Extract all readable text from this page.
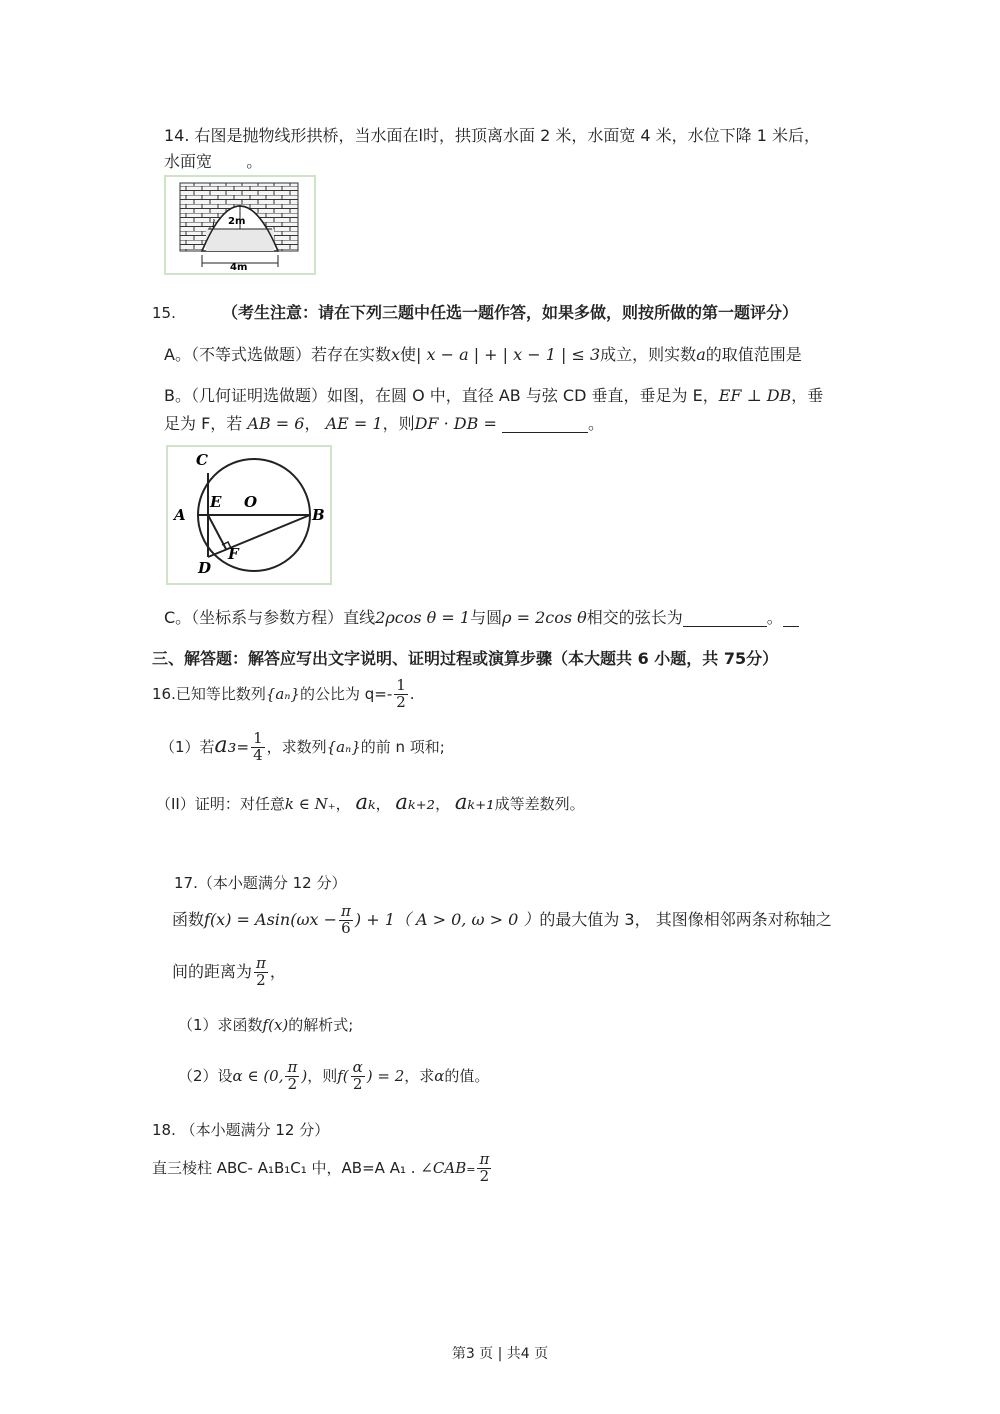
14. 右图是抛物线形拱桥，当水面在l时，拱顶离水面 2 米，水面宽 4 米，水位下降 1 米后，
水面宽 。
2m
l
4m
15.	（考生注意：请在下列三题中任选一题作答，如果多做，则按所做的第一题评分）
A。（不等式选做题）若存在实数x使| x − a | + | x − 1 | ≤ 3成立，则实数a的取值范围是
B。（几何证明选做题）如图，在圆 O 中，直径 AB 与弦 CD 垂直，垂足为 E，EF ⊥ DB，垂
足为 F，若 AB = 6， AE = 1，则DF · DB =	。
C
E O
A	B
F
D
C。（坐标系与参数方程）直线2ρcos θ = 1与圆ρ = 2cos θ相交的弦长为	。
三、解答题：解答应写出文字说明、证明过程或演算步骤（本大题共 6 小题，共 75分）
16.已知等比数列{aₙ}的公比为 $q=- \frac{1}{2}$ .
（1）若$a_3= \frac{1}{4}$ ，求数列{aₙ}的前 n 项和;
（II）证明：对任意k ∈ N₊， aₖ， aₖ₊₂， aₖ₊₁成等差数列。
17.（本小题满分 12 分）
函数$f(x) = Asin(\omega x - \frac{\pi}{6}$ ) + 1（ A > 0, ω > 0 ）的最大值为 3， 其图像相邻两条对称轴之
间的距离为 $\frac{\pi}{2}$ ，
（1）求函数f(x)的解析式;
（2）设α ∈ (0, $\frac{\pi}{2}$ )，则$f( \frac{\alpha}{2}$ ) = 2，求α的值。
18. （本小题满分 12 分）
直三棱柱 ABC- A₁B₁C₁ 中，AB=A A₁ . ∠CAB= $\frac{\pi}{2}$
第3 页 | 共4 页
